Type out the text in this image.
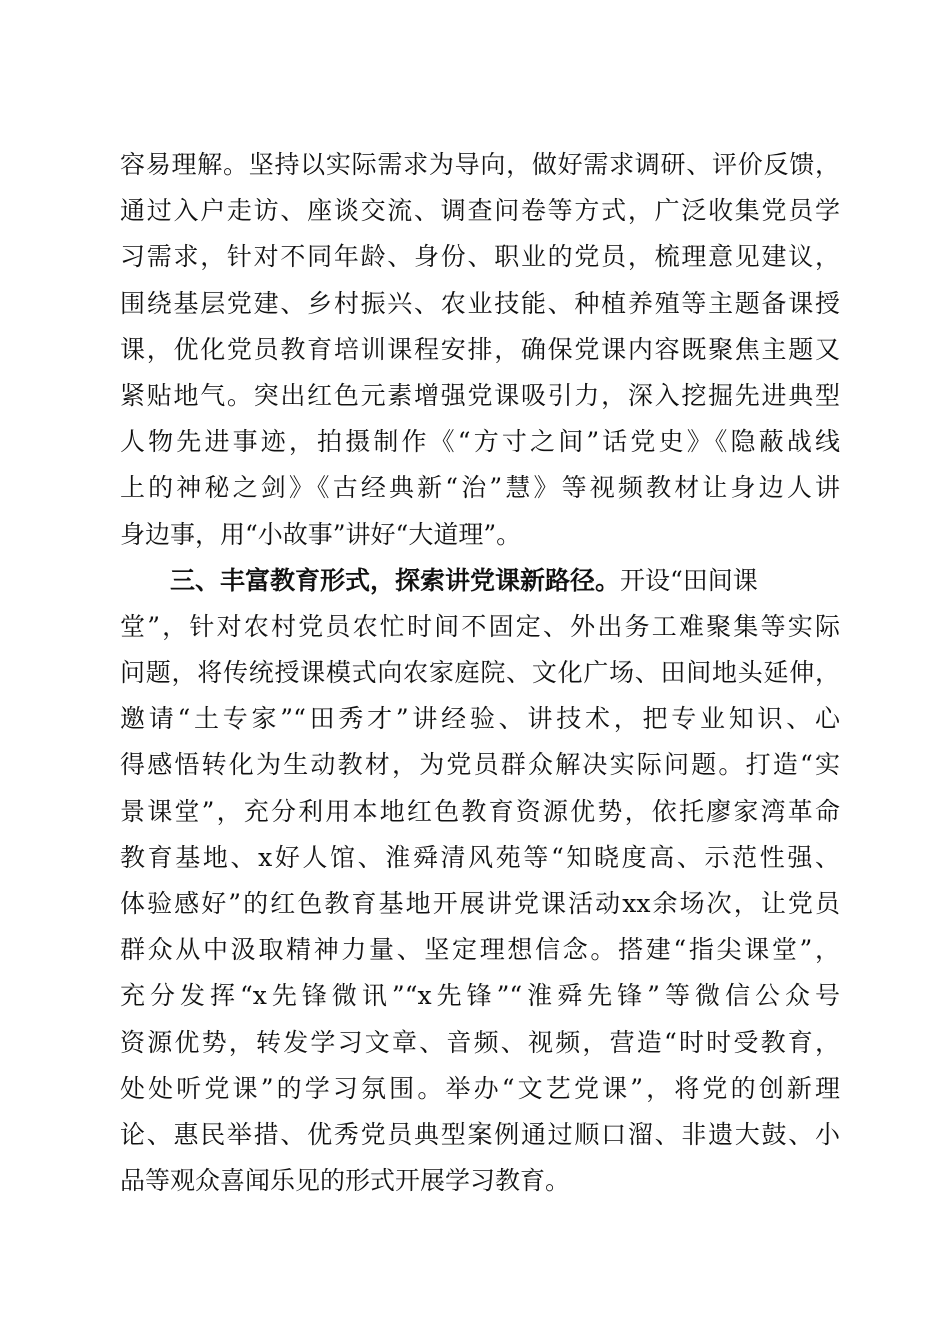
容易理解。坚持以实际需求为导向，做好需求调研、评价反馈，
通过入户走访、座谈交流、调查问卷等方式，广泛收集党员学
习需求，针对不同年龄、身份、职业的党员，梳理意见建议，
围绕基层党建、乡村振兴、农业技能、种植养殖等主题备课授
课，优化党员教育培训课程安排，确保党课内容既聚焦主题又
紧贴地气。突出红色元素增强党课吸引力，深入挖掘先进典型
人物先进事迹，拍摄制作《“方寸之间”话党史》《隐蔽战线
上的神秘之剑》《古经典新“治”慧》等视频教材让身边人讲
身边事，用“小故事”讲好“大道理”。
三、丰富教育形式，探索讲党课新路径。开设“田间课
堂”，针对农村党员农忙时间不固定、外出务工难聚集等实际
问题，将传统授课模式向农家庭院、文化广场、田间地头延伸，
邀请“土专家”“田秀才”讲经验、讲技术，把专业知识、心
得感悟转化为生动教材，为党员群众解决实际问题。打造“实
景课堂”，充分利用本地红色教育资源优势，依托廖家湾革命
教育基地、x好人馆、淮舜清风苑等“知晓度高、示范性强、
体验感好”的红色教育基地开展讲党课活动xx余场次，让党员
群众从中汲取精神力量、坚定理想信念。搭建“指尖课堂”，
充分发挥“x先锋微讯”“x先锋”“淮舜先锋”等微信公众号
资源优势，转发学习文章、音频、视频，营造“时时受教育，
处处听党课”的学习氛围。举办“文艺党课”，将党的创新理
论、惠民举措、优秀党员典型案例通过顺口溜、非遗大鼓、小
品等观众喜闻乐见的形式开展学习教育。
